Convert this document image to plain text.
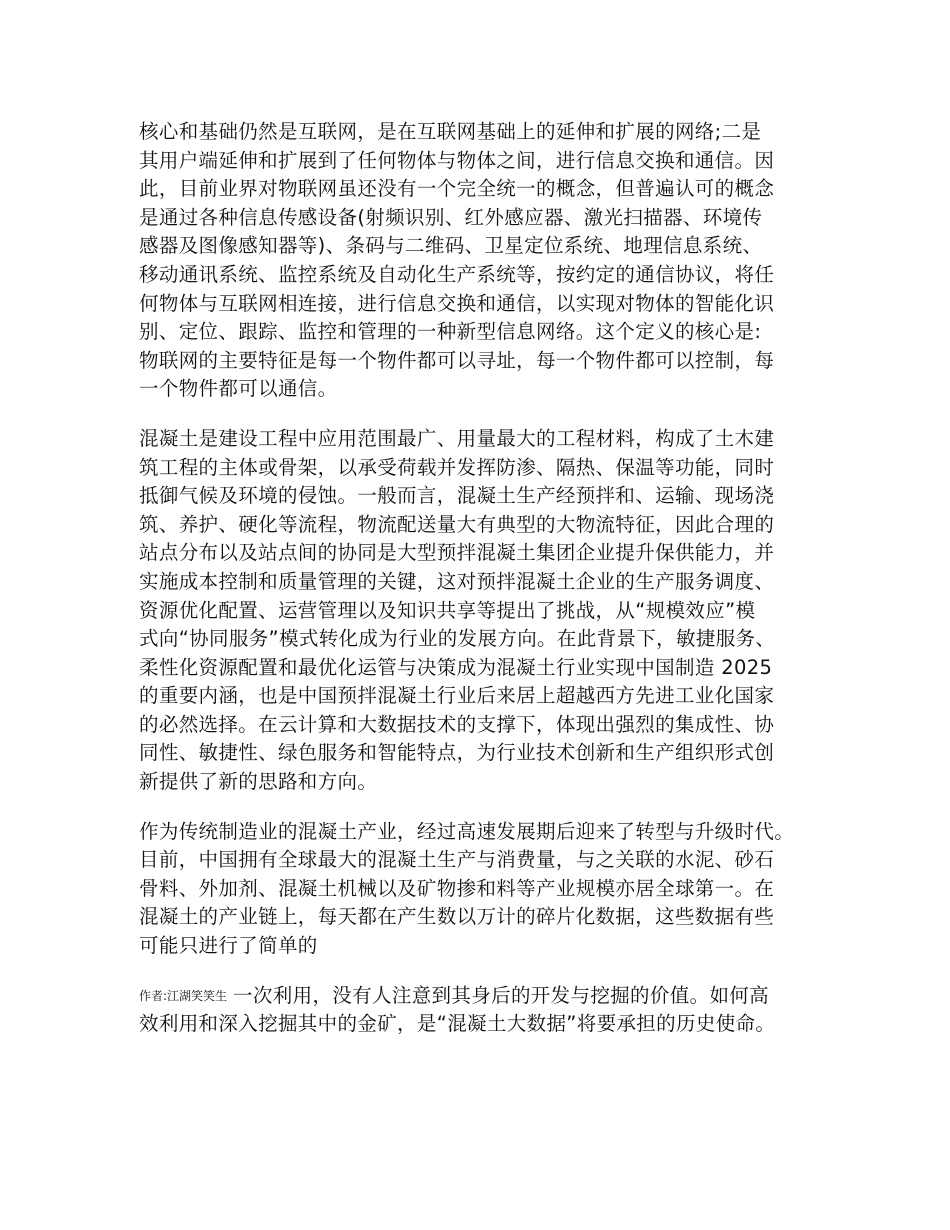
核心和基础仍然是互联网，是在互联网基础上的延伸和扩展的网络;二是
其用户端延伸和扩展到了任何物体与物体之间，进行信息交换和通信。因
此，目前业界对物联网虽还没有一个完全统一的概念，但普遍认可的概念
是通过各种信息传感设备(射频识别、红外感应器、激光扫描器、环境传
感器及图像感知器等)、条码与二维码、卫星定位系统、地理信息系统、
移动通讯系统、监控系统及自动化生产系统等，按约定的通信协议，将任
何物体与互联网相连接，进行信息交换和通信，以实现对物体的智能化识
别、定位、跟踪、监控和管理的一种新型信息网络。这个定义的核心是:
物联网的主要特征是每一个物件都可以寻址，每一个物件都可以控制，每
一个物件都可以通信。

混凝土是建设工程中应用范围最广、用量最大的工程材料，构成了土木建
筑工程的主体或骨架，以承受荷载并发挥防渗、隔热、保温等功能，同时
抵御气候及环境的侵蚀。一般而言，混凝土生产经预拌和、运输、现场浇
筑、养护、硬化等流程，物流配送量大有典型的大物流特征，因此合理的
站点分布以及站点间的协同是大型预拌混凝土集团企业提升保供能力，并
实施成本控制和质量管理的关键，这对预拌混凝土企业的生产服务调度、
资源优化配置、运营管理以及知识共享等提出了挑战，从“规模效应”模
式向“协同服务”模式转化成为行业的发展方向。在此背景下，敏捷服务、
柔性化资源配置和最优化运管与决策成为混凝土行业实现中国制造 2025
的重要内涵，也是中国预拌混凝土行业后来居上超越西方先进工业化国家
的必然选择。在云计算和大数据技术的支撑下，体现出强烈的集成性、协
同性、敏捷性、绿色服务和智能特点，为行业技术创新和生产组织形式创
新提供了新的思路和方向。

作为传统制造业的混凝土产业，经过高速发展期后迎来了转型与升级时代。
目前，中国拥有全球最大的混凝土生产与消费量，与之关联的水泥、砂石
骨料、外加剂、混凝土机械以及矿物掺和料等产业规模亦居全球第一。在
混凝土的产业链上，每天都在产生数以万计的碎片化数据，这些数据有些
可能只进行了简单的

作者:江湖笑笑生 一次利用，没有人注意到其身后的开发与挖掘的价值。如何高
效利用和深入挖掘其中的金矿，是“混凝土大数据”将要承担的历史使命。
